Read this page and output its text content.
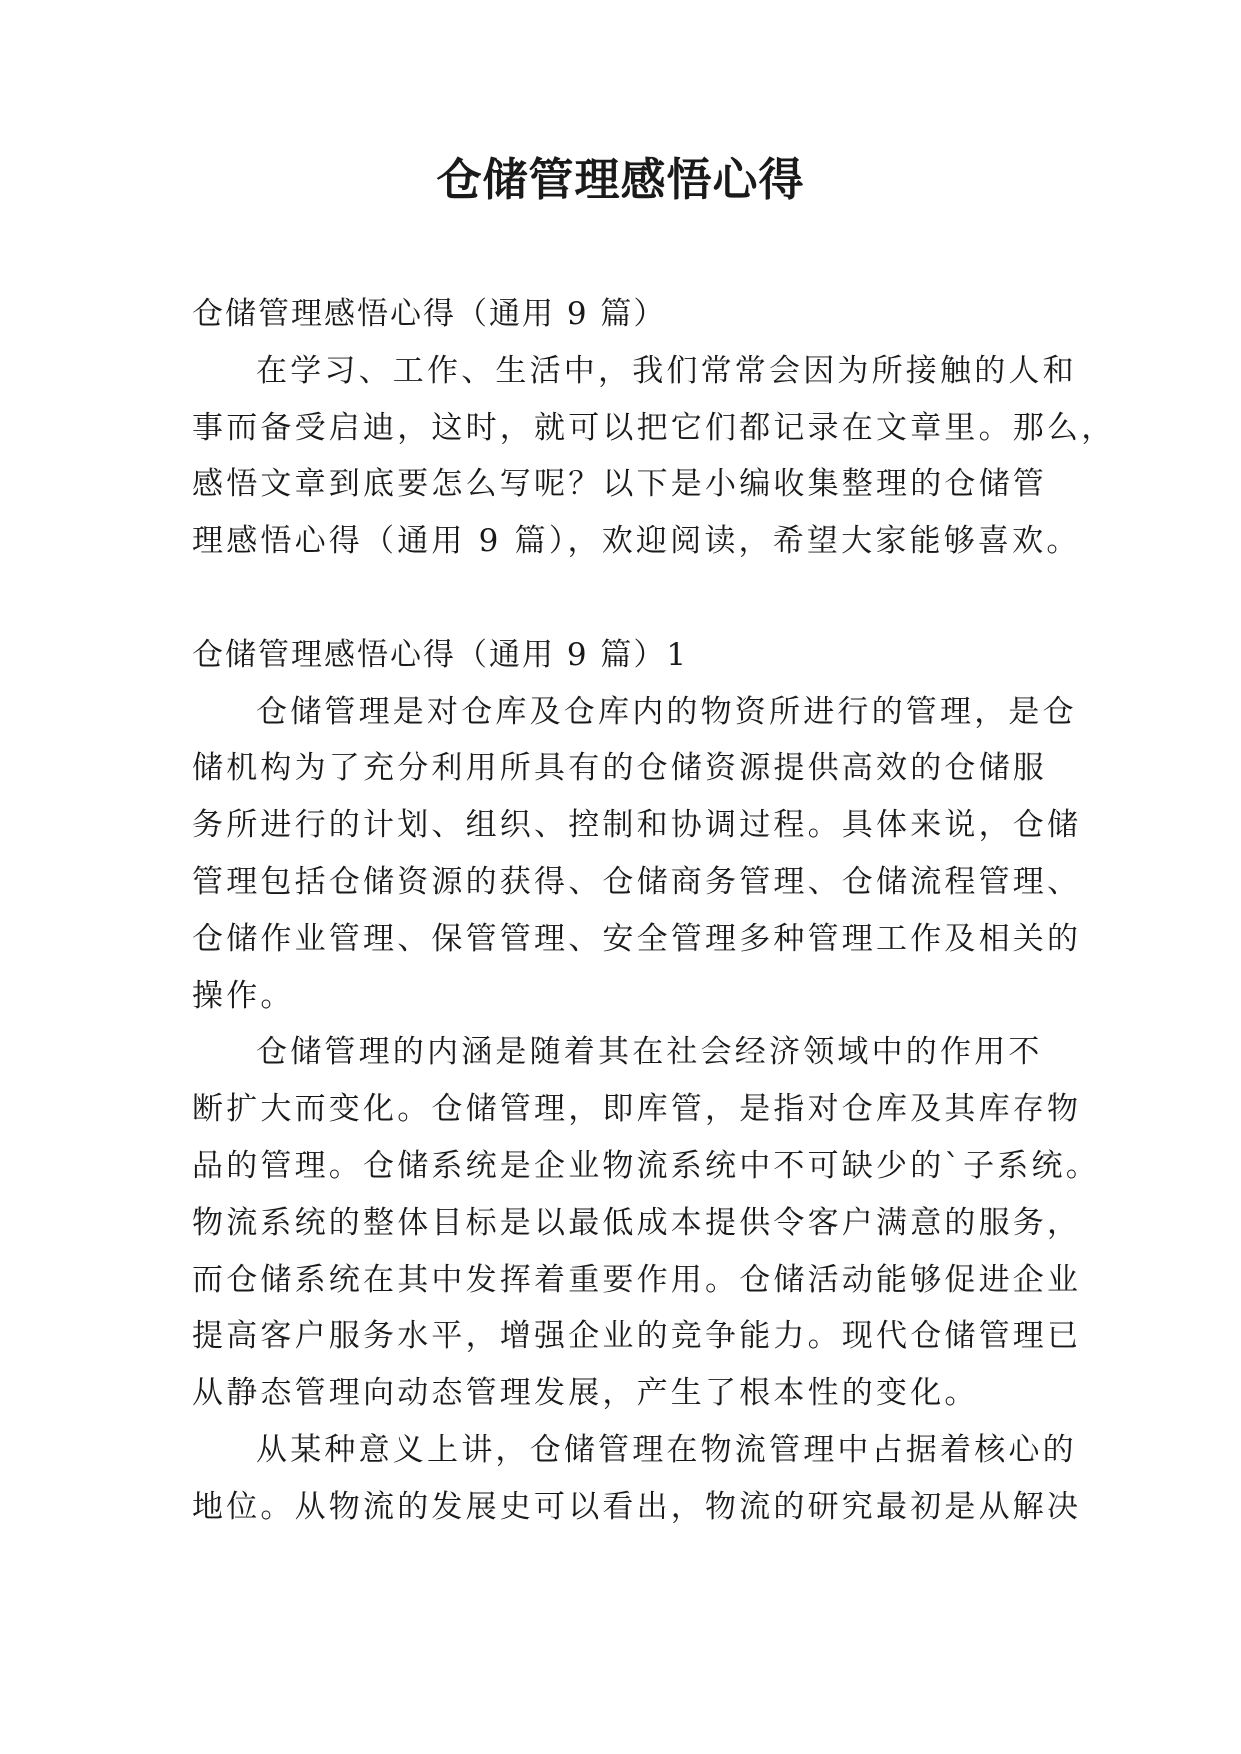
仓储管理感悟心得
仓储管理感悟心得（通用 9 篇）
在学习、工作、生活中，我们常常会因为所接触的人和
事而备受启迪，这时，就可以把它们都记录在文章里。那么，
感悟文章到底要怎么写呢？以下是小编收集整理的仓储管
理感悟心得（通用 9 篇），欢迎阅读，希望大家能够喜欢。
仓储管理感悟心得（通用 9 篇）1
仓储管理是对仓库及仓库内的物资所进行的管理，是仓
储机构为了充分利用所具有的仓储资源提供高效的仓储服
务所进行的计划、组织、控制和协调过程。具体来说，仓储
管理包括仓储资源的获得、仓储商务管理、仓储流程管理、
仓储作业管理、保管管理、安全管理多种管理工作及相关的
操作。
仓储管理的内涵是随着其在社会经济领域中的作用不
断扩大而变化。仓储管理，即库管，是指对仓库及其库存物
品的管理。仓储系统是企业物流系统中不可缺少的`子系统。
物流系统的整体目标是以最低成本提供令客户满意的服务，
而仓储系统在其中发挥着重要作用。仓储活动能够促进企业
提高客户服务水平，增强企业的竞争能力。现代仓储管理已
从静态管理向动态管理发展，产生了根本性的变化。
从某种意义上讲，仓储管理在物流管理中占据着核心的
地位。从物流的发展史可以看出，物流的研究最初是从解决
